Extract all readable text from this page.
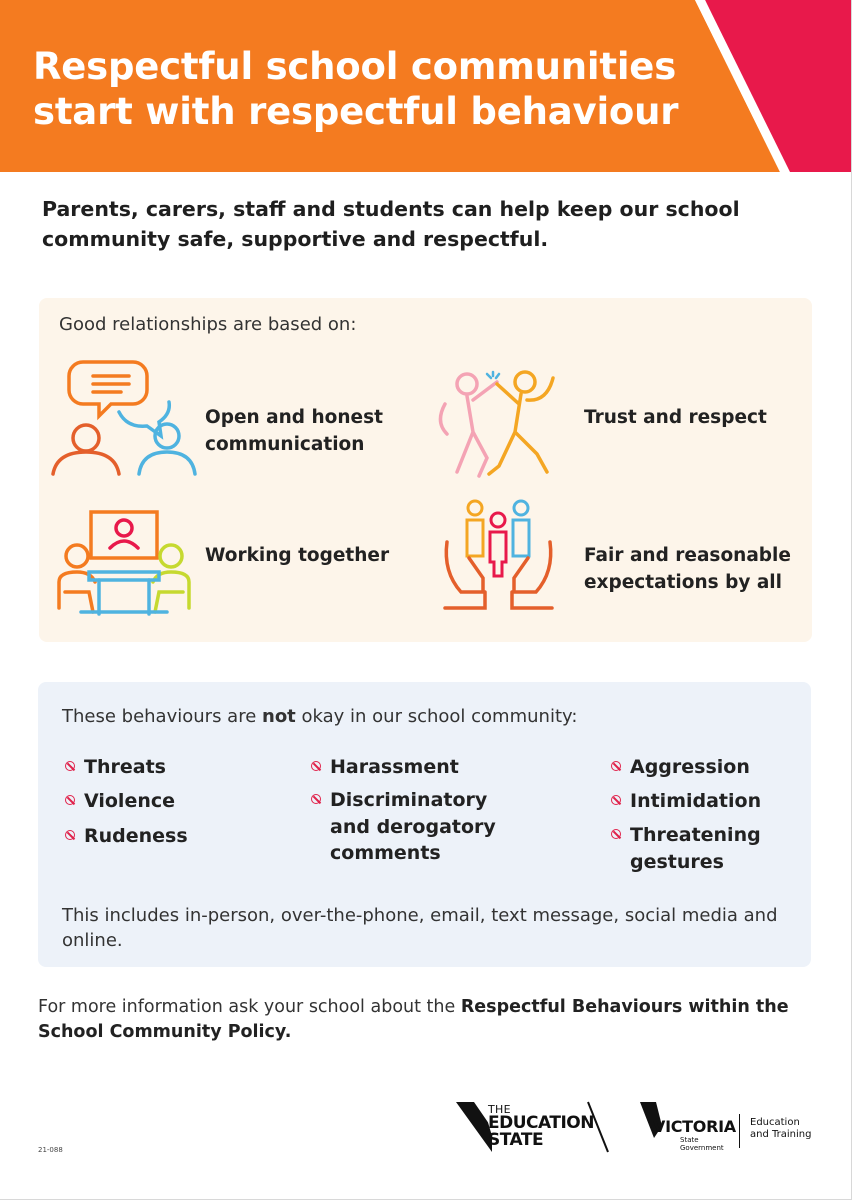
Respectful school communities
start with respectful behaviour

Parents, carers, staff and students can help keep our school community safe, supportive and respectful.

Good relationships are based on:
Open and honest
communication
Trust and respect
Working together	Fair and reasonable
expectations by all
These behaviours are not okay in our school community:
Threats
Violence
Rudeness
Harassment
Discriminatory
and derogatory
comments
Aggression
Intimidation
Threatening
gestures

This includes in-person, over-the-phone, email, text message, social media and online.

For more information ask your school about the Respectful Behaviours within the School Community Policy.

21-088
THE
EDUCATION
STATE
VICTORIA
State
Government
Education
and Training
